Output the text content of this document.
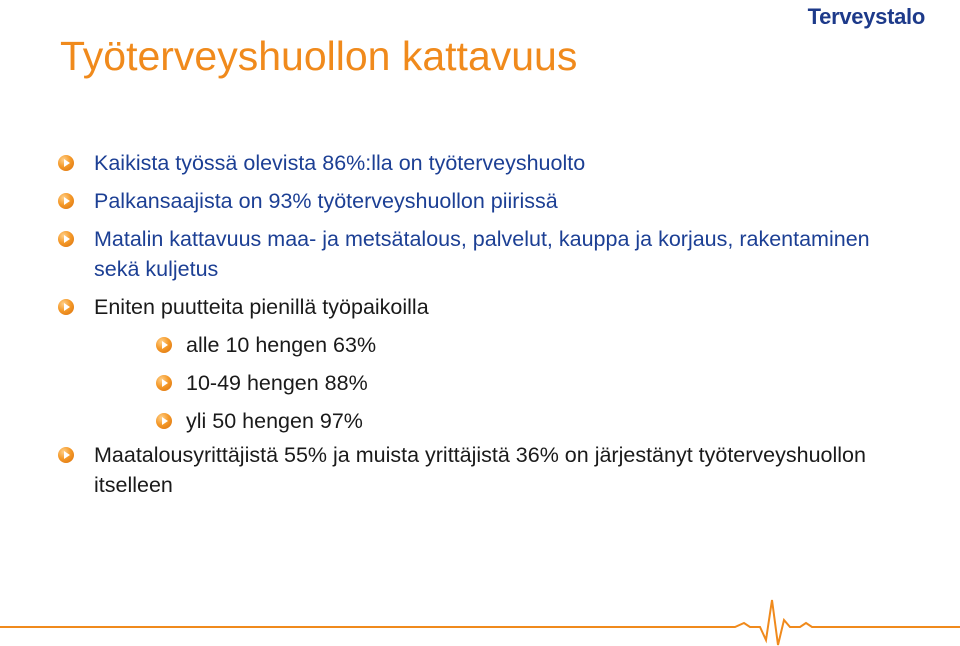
Terveystalo
Työterveyshuollon kattavuus
Kaikista työssä olevista 86%:lla on työterveyshuolto
Palkansaajista on 93% työterveyshuollon piirissä
Matalin kattavuus maa- ja metsätalous, palvelut, kauppa ja korjaus, rakentaminen sekä kuljetus
Eniten puutteita pienillä työpaikoilla
alle 10 hengen 63%
10-49 hengen 88%
yli 50 hengen 97%
Maatalousyrittäjistä 55% ja muista yrittäjistä 36% on järjestänyt työterveyshuollon itselleen
